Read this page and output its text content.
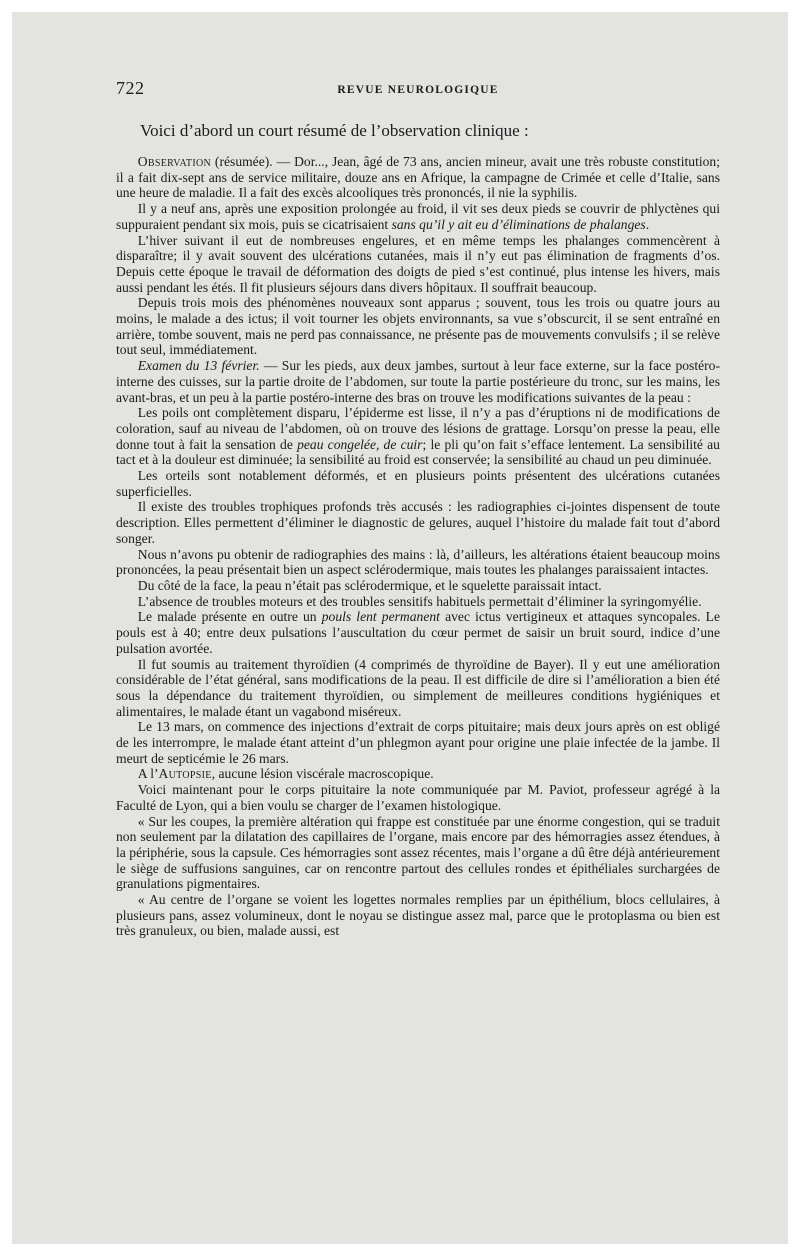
722	REVUE NEUROLOGIQUE

Voici d’abord un court résumé de l’observation clinique :

Observation (résumée). — Dor..., Jean, âgé de 73 ans, ancien mineur, avait une très robuste constitution; il a fait dix-sept ans de service militaire, douze ans en Afrique, la campagne de Crimée et celle d’Italie, sans une heure de maladie. Il a fait des excès alcooliques très prononcés, il nie la syphilis.

Il y a neuf ans, après une exposition prolongée au froid, il vit ses deux pieds se couvrir de phlyctènes qui suppuraient pendant six mois, puis se cicatrisaient sans qu’il y ait eu d’éliminations de phalanges.

L’hiver suivant il eut de nombreuses engelures, et en même temps les phalanges commencèrent à disparaître; il y avait souvent des ulcérations cutanées, mais il n’y eut pas élimination de fragments d’os. Depuis cette époque le travail de déformation des doigts de pied s’est continué, plus intense les hivers, mais aussi pendant les étés. Il fit plusieurs séjours dans divers hôpitaux. Il souffrait beaucoup.

Depuis trois mois des phénomènes nouveaux sont apparus ; souvent, tous les trois ou quatre jours au moins, le malade a des ictus; il voit tourner les objets environnants, sa vue s’obscurcit, il se sent entraîné en arrière, tombe souvent, mais ne perd pas connaissance, ne présente pas de mouvements convulsifs ; il se relève tout seul, immédiatement.

Examen du 13 février. — Sur les pieds, aux deux jambes, surtout à leur face externe, sur la face postéro-interne des cuisses, sur la partie droite de l’abdomen, sur toute la partie postérieure du tronc, sur les mains, les avant-bras, et un peu à la partie postéro-interne des bras on trouve les modifications suivantes de la peau :

Les poils ont complètement disparu, l’épiderme est lisse, il n’y a pas d’éruptions ni de modifications de coloration, sauf au niveau de l’abdomen, où on trouve des lésions de grattage. Lorsqu’on presse la peau, elle donne tout à fait la sensation de peau congelée, de cuir; le pli qu’on fait s’efface lentement. La sensibilité au tact et à la douleur est diminuée; la sensibilité au froid est conservée; la sensibilité au chaud un peu diminuée.

Les orteils sont notablement déformés, et en plusieurs points présentent des ulcérations cutanées superficielles.

Il existe des troubles trophiques profonds très accusés : les radiographies ci-jointes dispensent de toute description. Elles permettent d’éliminer le diagnostic de gelures, auquel l’histoire du malade fait tout d’abord songer.

Nous n’avons pu obtenir de radiographies des mains : là, d’ailleurs, les altérations étaient beaucoup moins prononcées, la peau présentait bien un aspect sclérodermique, mais toutes les phalanges paraissaient intactes.

Du côté de la face, la peau n’était pas sclérodermique, et le squelette paraissait intact.

L’absence de troubles moteurs et des troubles sensitifs habituels permettait d’éliminer la syringomyélie.

Le malade présente en outre un pouls lent permanent avec ictus vertigineux et attaques syncopales. Le pouls est à 40; entre deux pulsations l’auscultation du cœur permet de saisir un bruit sourd, indice d’une pulsation avortée.

Il fut soumis au traitement thyroïdien (4 comprimés de thyroïdine de Bayer). Il y eut une amélioration considérable de l’état général, sans modifications de la peau. Il est difficile de dire si l’amélioration a bien été sous la dépendance du traitement thyroïdien, ou simplement de meilleures conditions hygiéniques et alimentaires, le malade étant un vagabond miséreux.

Le 13 mars, on commence des injections d’extrait de corps pituitaire; mais deux jours après on est obligé de les interrompre, le malade étant atteint d’un phlegmon ayant pour origine une plaie infectée de la jambe. Il meurt de septicémie le 26 mars.

A l’Autopsie, aucune lésion viscérale macroscopique.

Voici maintenant pour le corps pituitaire la note communiquée par M. Paviot, professeur agrégé à la Faculté de Lyon, qui a bien voulu se charger de l’examen histologique.

« Sur les coupes, la première altération qui frappe est constituée par une énorme congestion, qui se traduit non seulement par la dilatation des capillaires de l’organe, mais encore par des hémorragies assez étendues, à la périphérie, sous la capsule. Ces hémorragies sont assez récentes, mais l’organe a dû être déjà antérieurement le siège de suffusions sanguines, car on rencontre partout des cellules rondes et épithéliales surchargées de granulations pigmentaires.

« Au centre de l’organe se voient les logettes normales remplies par un épithélium, blocs cellulaires, à plusieurs pans, assez volumineux, dont le noyau se distingue assez mal, parce que le protoplasma ou bien est très granuleux, ou bien, malade aussi, est
